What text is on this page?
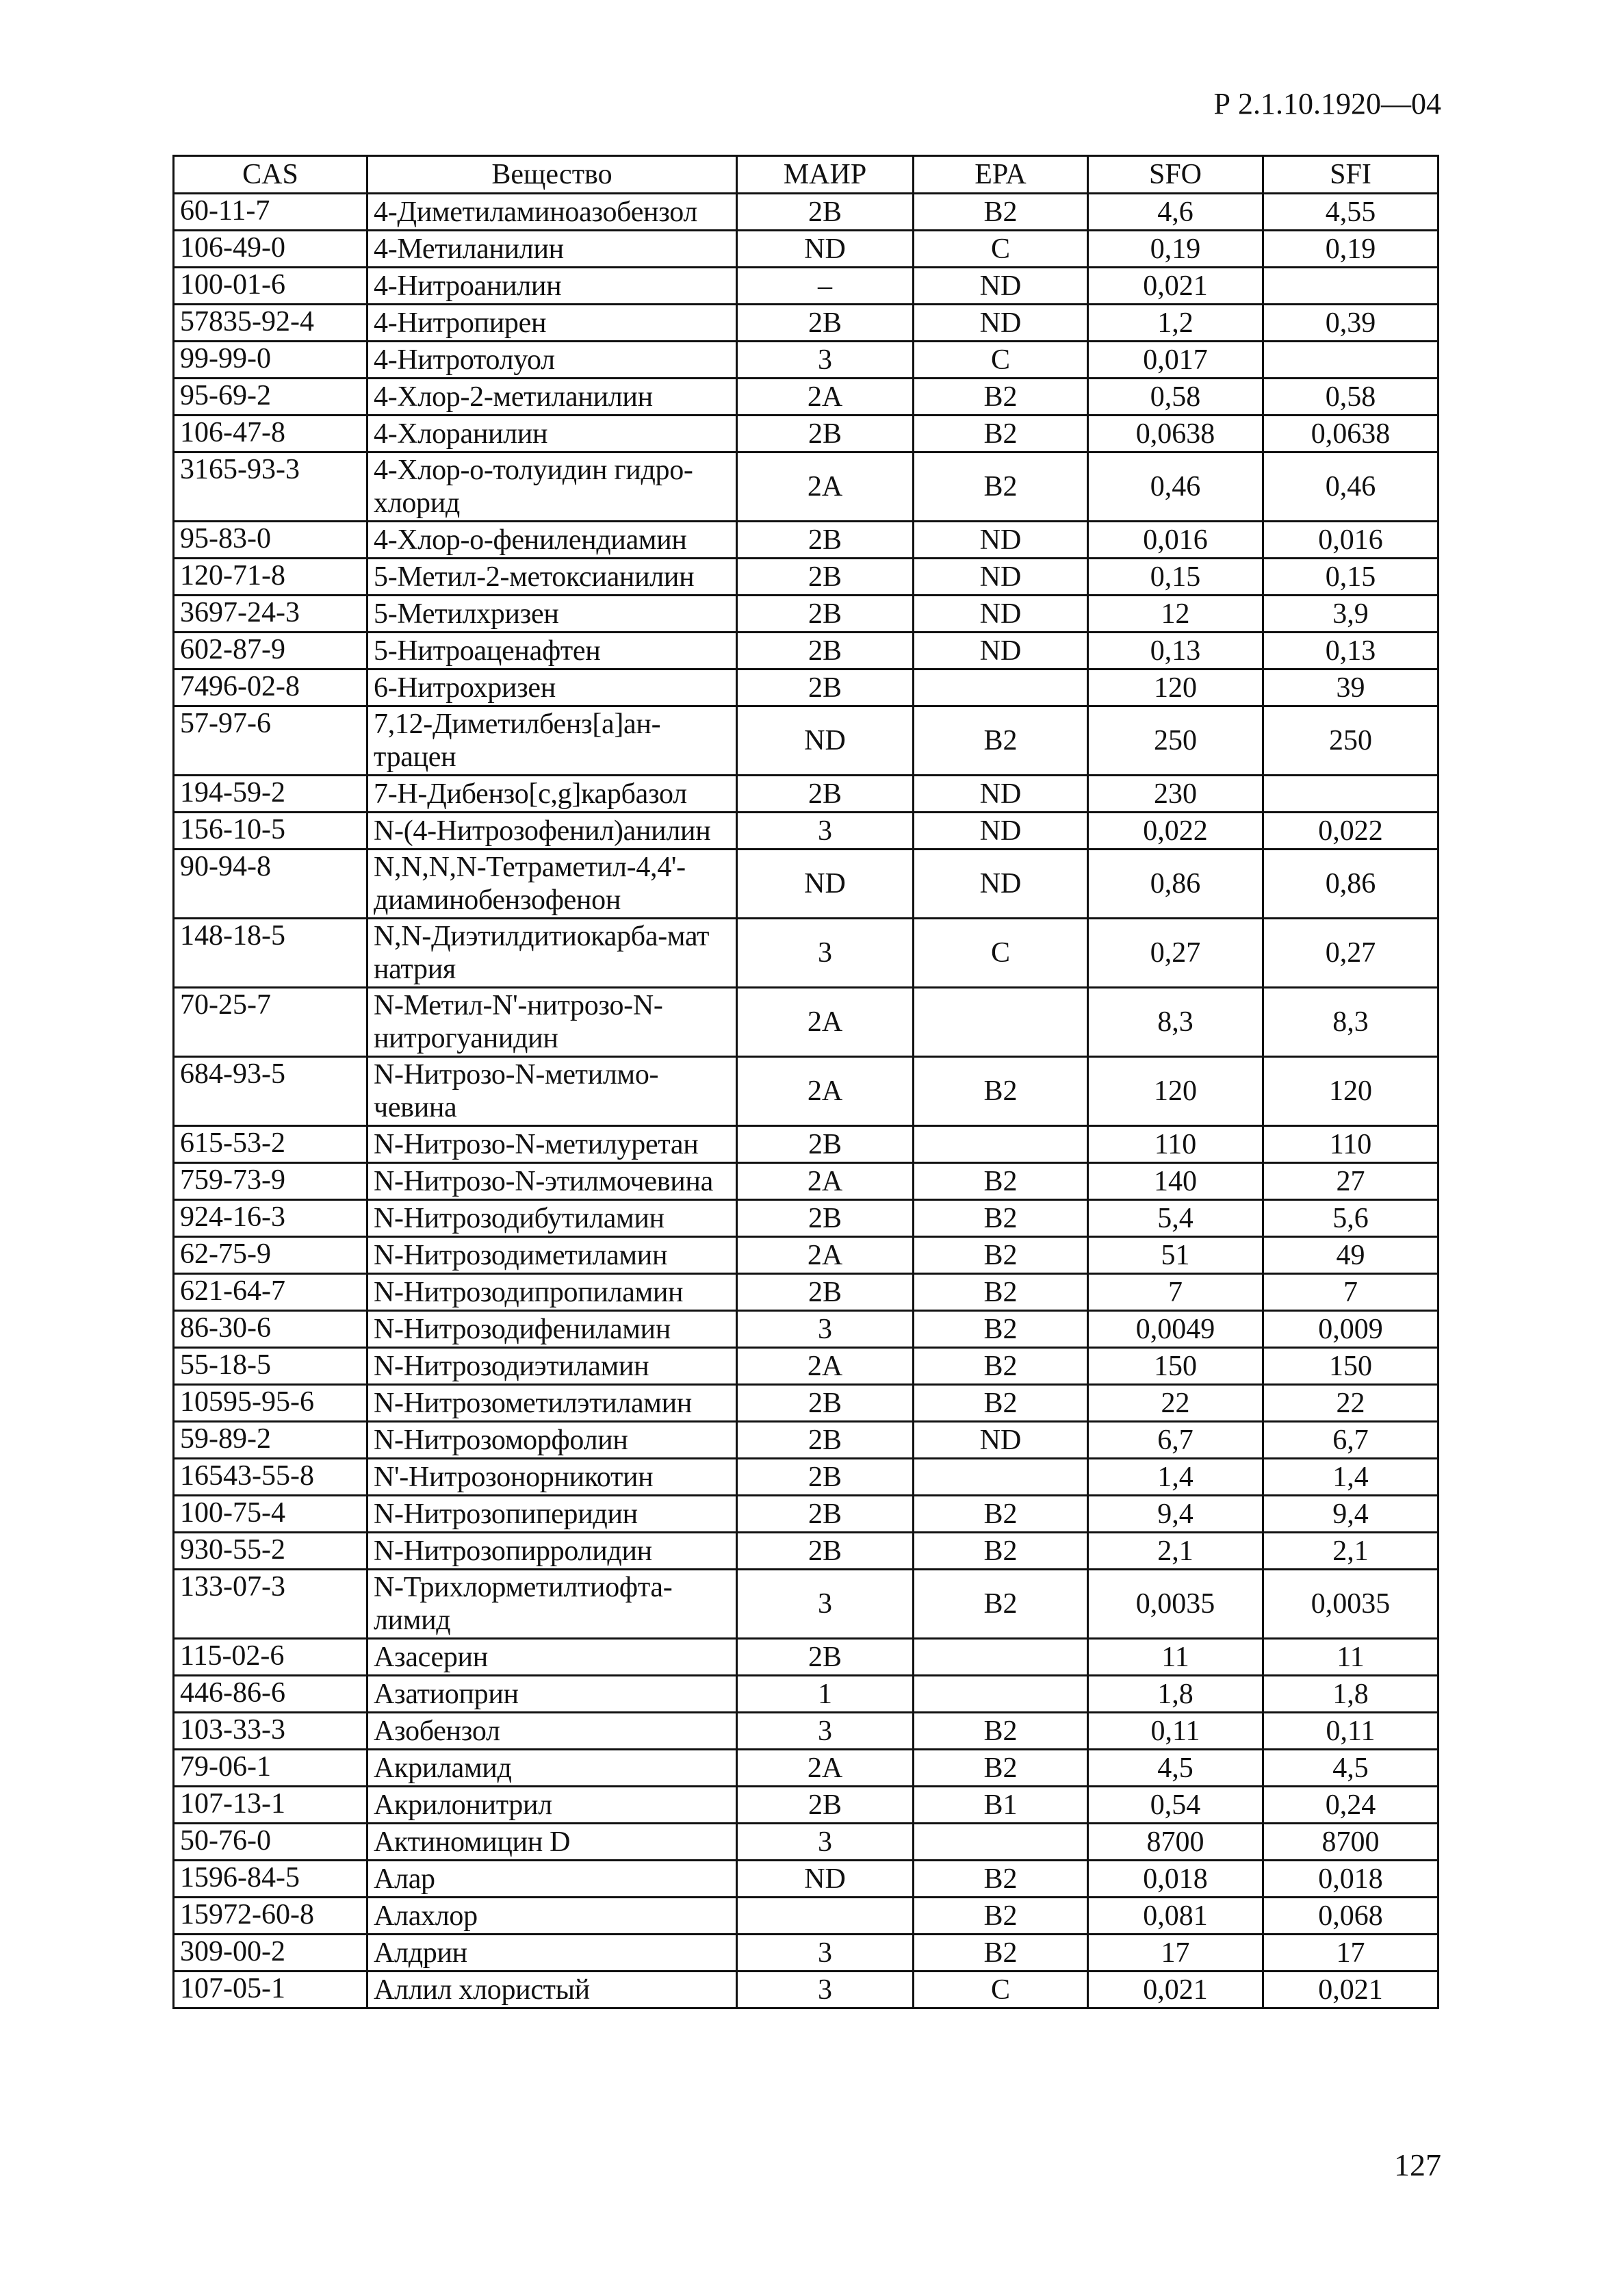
Р 2.1.10.1920—04
CAS	Вещество	МАИР	EPA	SFO	SFI
60-11-7	4-Диметиламиноазобензол	2B	B2	4,6	4,55
106-49-0	4-Метиланилин	ND	C	0,19	0,19
100-01-6	4-Нитроанилин	–	ND	0,021	
57835-92-4	4-Нитропирен	2B	ND	1,2	0,39
99-99-0	4-Нитротолуол	3	C	0,017	
95-69-2	4-Хлор-2-метиланилин	2A	B2	0,58	0,58
106-47-8	4-Хлоранилин	2B	B2	0,0638	0,0638
3165-93-3	4-Хлор-о-толуидин гидро-хлорид	2A	B2	0,46	0,46
95-83-0	4-Хлор-о-фенилендиамин	2B	ND	0,016	0,016
120-71-8	5-Метил-2-метоксианилин	2B	ND	0,15	0,15
3697-24-3	5-Метилхризен	2B	ND	12	3,9
602-87-9	5-Нитроаценафтен	2B	ND	0,13	0,13
7496-02-8	6-Нитрохризен	2B		120	39
57-97-6	7,12-Диметилбенз[а]ан-трацен	ND	B2	250	250
194-59-2	7-Н-Дибензо[c,g]карбазол	2B	ND	230	
156-10-5	N-(4-Нитрозофенил)анилин	3	ND	0,022	0,022
90-94-8	N,N,N,N-Тетраметил-4,4'-диаминобензофенон	ND	ND	0,86	0,86
148-18-5	N,N-Диэтилдитиокарба-мат натрия	3	C	0,27	0,27
70-25-7	N-Метил-N'-нитрозо-N-нитрогуанидин	2A		8,3	8,3
684-93-5	N-Нитрозо-N-метилмо-чевина	2A	B2	120	120
615-53-2	N-Нитрозо-N-метилуретан	2B		110	110
759-73-9	N-Нитрозо-N-этилмочевина	2A	B2	140	27
924-16-3	N-Нитрозодибутиламин	2B	B2	5,4	5,6
62-75-9	N-Нитрозодиметиламин	2A	B2	51	49
621-64-7	N-Нитрозодипропиламин	2B	B2	7	7
86-30-6	N-Нитрозодифениламин	3	B2	0,0049	0,009
55-18-5	N-Нитрозодиэтиламин	2A	B2	150	150
10595-95-6	N-Нитрозометилэтиламин	2B	B2	22	22
59-89-2	N-Нитрозоморфолин	2B	ND	6,7	6,7
16543-55-8	N'-Нитрозонорникотин	2B		1,4	1,4
100-75-4	N-Нитрозопиперидин	2B	B2	9,4	9,4
930-55-2	N-Нитрозопирролидин	2B	B2	2,1	2,1
133-07-3	N-Трихлорметилтиофта-лимид	3	B2	0,0035	0,0035
115-02-6	Азасерин	2B		11	11
446-86-6	Азатиоприн	1		1,8	1,8
103-33-3	Азобензол	3	B2	0,11	0,11
79-06-1	Акриламид	2A	B2	4,5	4,5
107-13-1	Акрилонитрил	2B	B1	0,54	0,24
50-76-0	Актиномицин D	3		8700	8700
1596-84-5	Алар	ND	B2	0,018	0,018
15972-60-8	Алахлор		B2	0,081	0,068
309-00-2	Алдрин	3	B2	17	17
107-05-1	Аллил хлористый	3	C	0,021	0,021
127
